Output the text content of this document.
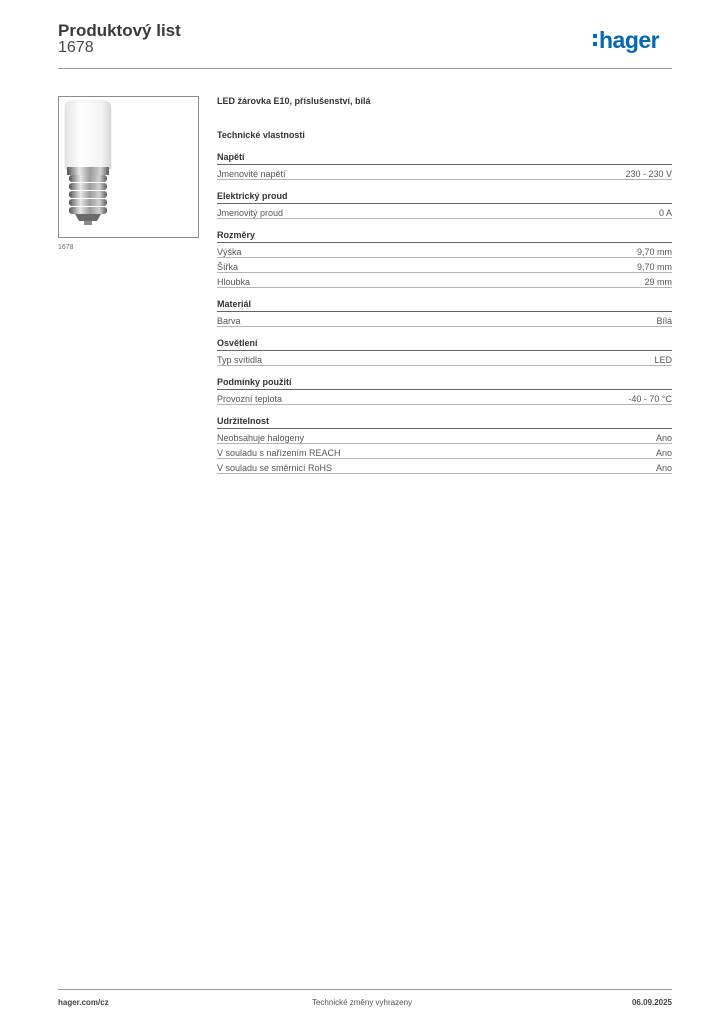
Produktový list
1678	hager
1678
LED žárovka E10, příslušenství, bílá
Technické vlastnosti
Napětí
Jmenovité napětí	230 - 230 V
Elektrický proud
Jmenovitý proud	0 A
Rozměry
Výška	9,70 mm
Šířka	9,70 mm
Hloubka	29 mm
Materiál
Barva	Bílá
Osvětlení
Typ svítidla	LED
Podmínky použití
Provozní teplota	-40 - 70 °C
Udržitelnost
Neobsahuje halogeny	Ano
V souladu s nařízením REACH	Ano
V souladu se směrnicí RoHS	Ano
hager.com/cz	Technické změny vyhrazeny	06.09.2025
